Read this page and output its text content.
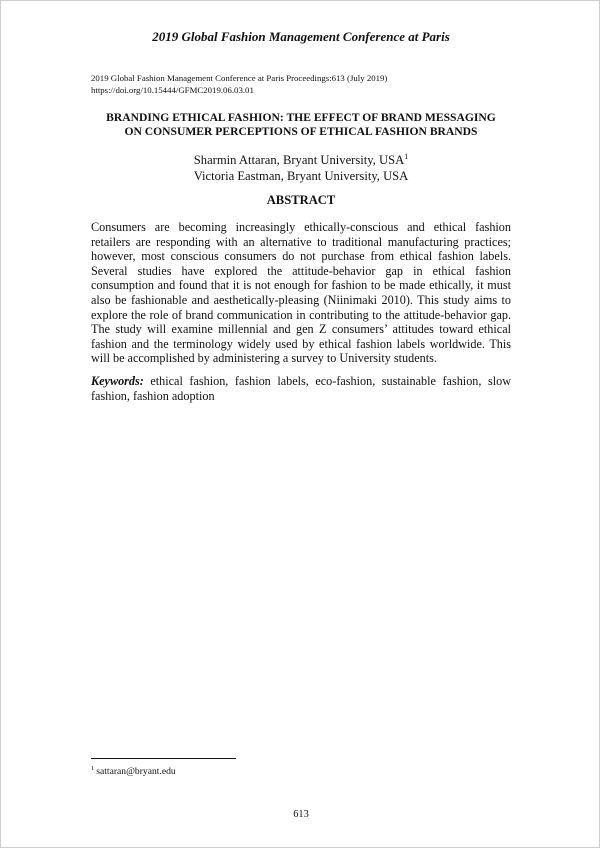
2019 Global Fashion Management Conference at Paris
2019 Global Fashion Management Conference at Paris Proceedings:613 (July 2019)
https://doi.org/10.15444/GFMC2019.06.03.01
BRANDING ETHICAL FASHION: THE EFFECT OF BRAND MESSAGING
ON CONSUMER PERCEPTIONS OF ETHICAL FASHION BRANDS
Sharmin Attaran, Bryant University, USA$^1$
Victoria Eastman, Bryant University, USA
ABSTRACT
Consumers are becoming increasingly ethically-conscious and ethical fashion retailers are responding with an alternative to traditional manufacturing practices; however, most conscious consumers do not purchase from ethical fashion labels. Several studies have explored the attitude-behavior gap in ethical fashion consumption and found that it is not enough for fashion to be made ethically, it must also be fashionable and aesthetically-pleasing (Niinimaki 2010). This study aims to explore the role of brand communication in contributing to the attitude-behavior gap. The study will examine millennial and gen Z consumers’ attitudes toward ethical fashion and the terminology widely used by ethical fashion labels worldwide. This will be accomplished by administering a survey to University students.
Keywords: ethical fashion, fashion labels, eco-fashion, sustainable fashion, slow fashion, fashion adoption
$^1$ sattaran@bryant.edu
613
